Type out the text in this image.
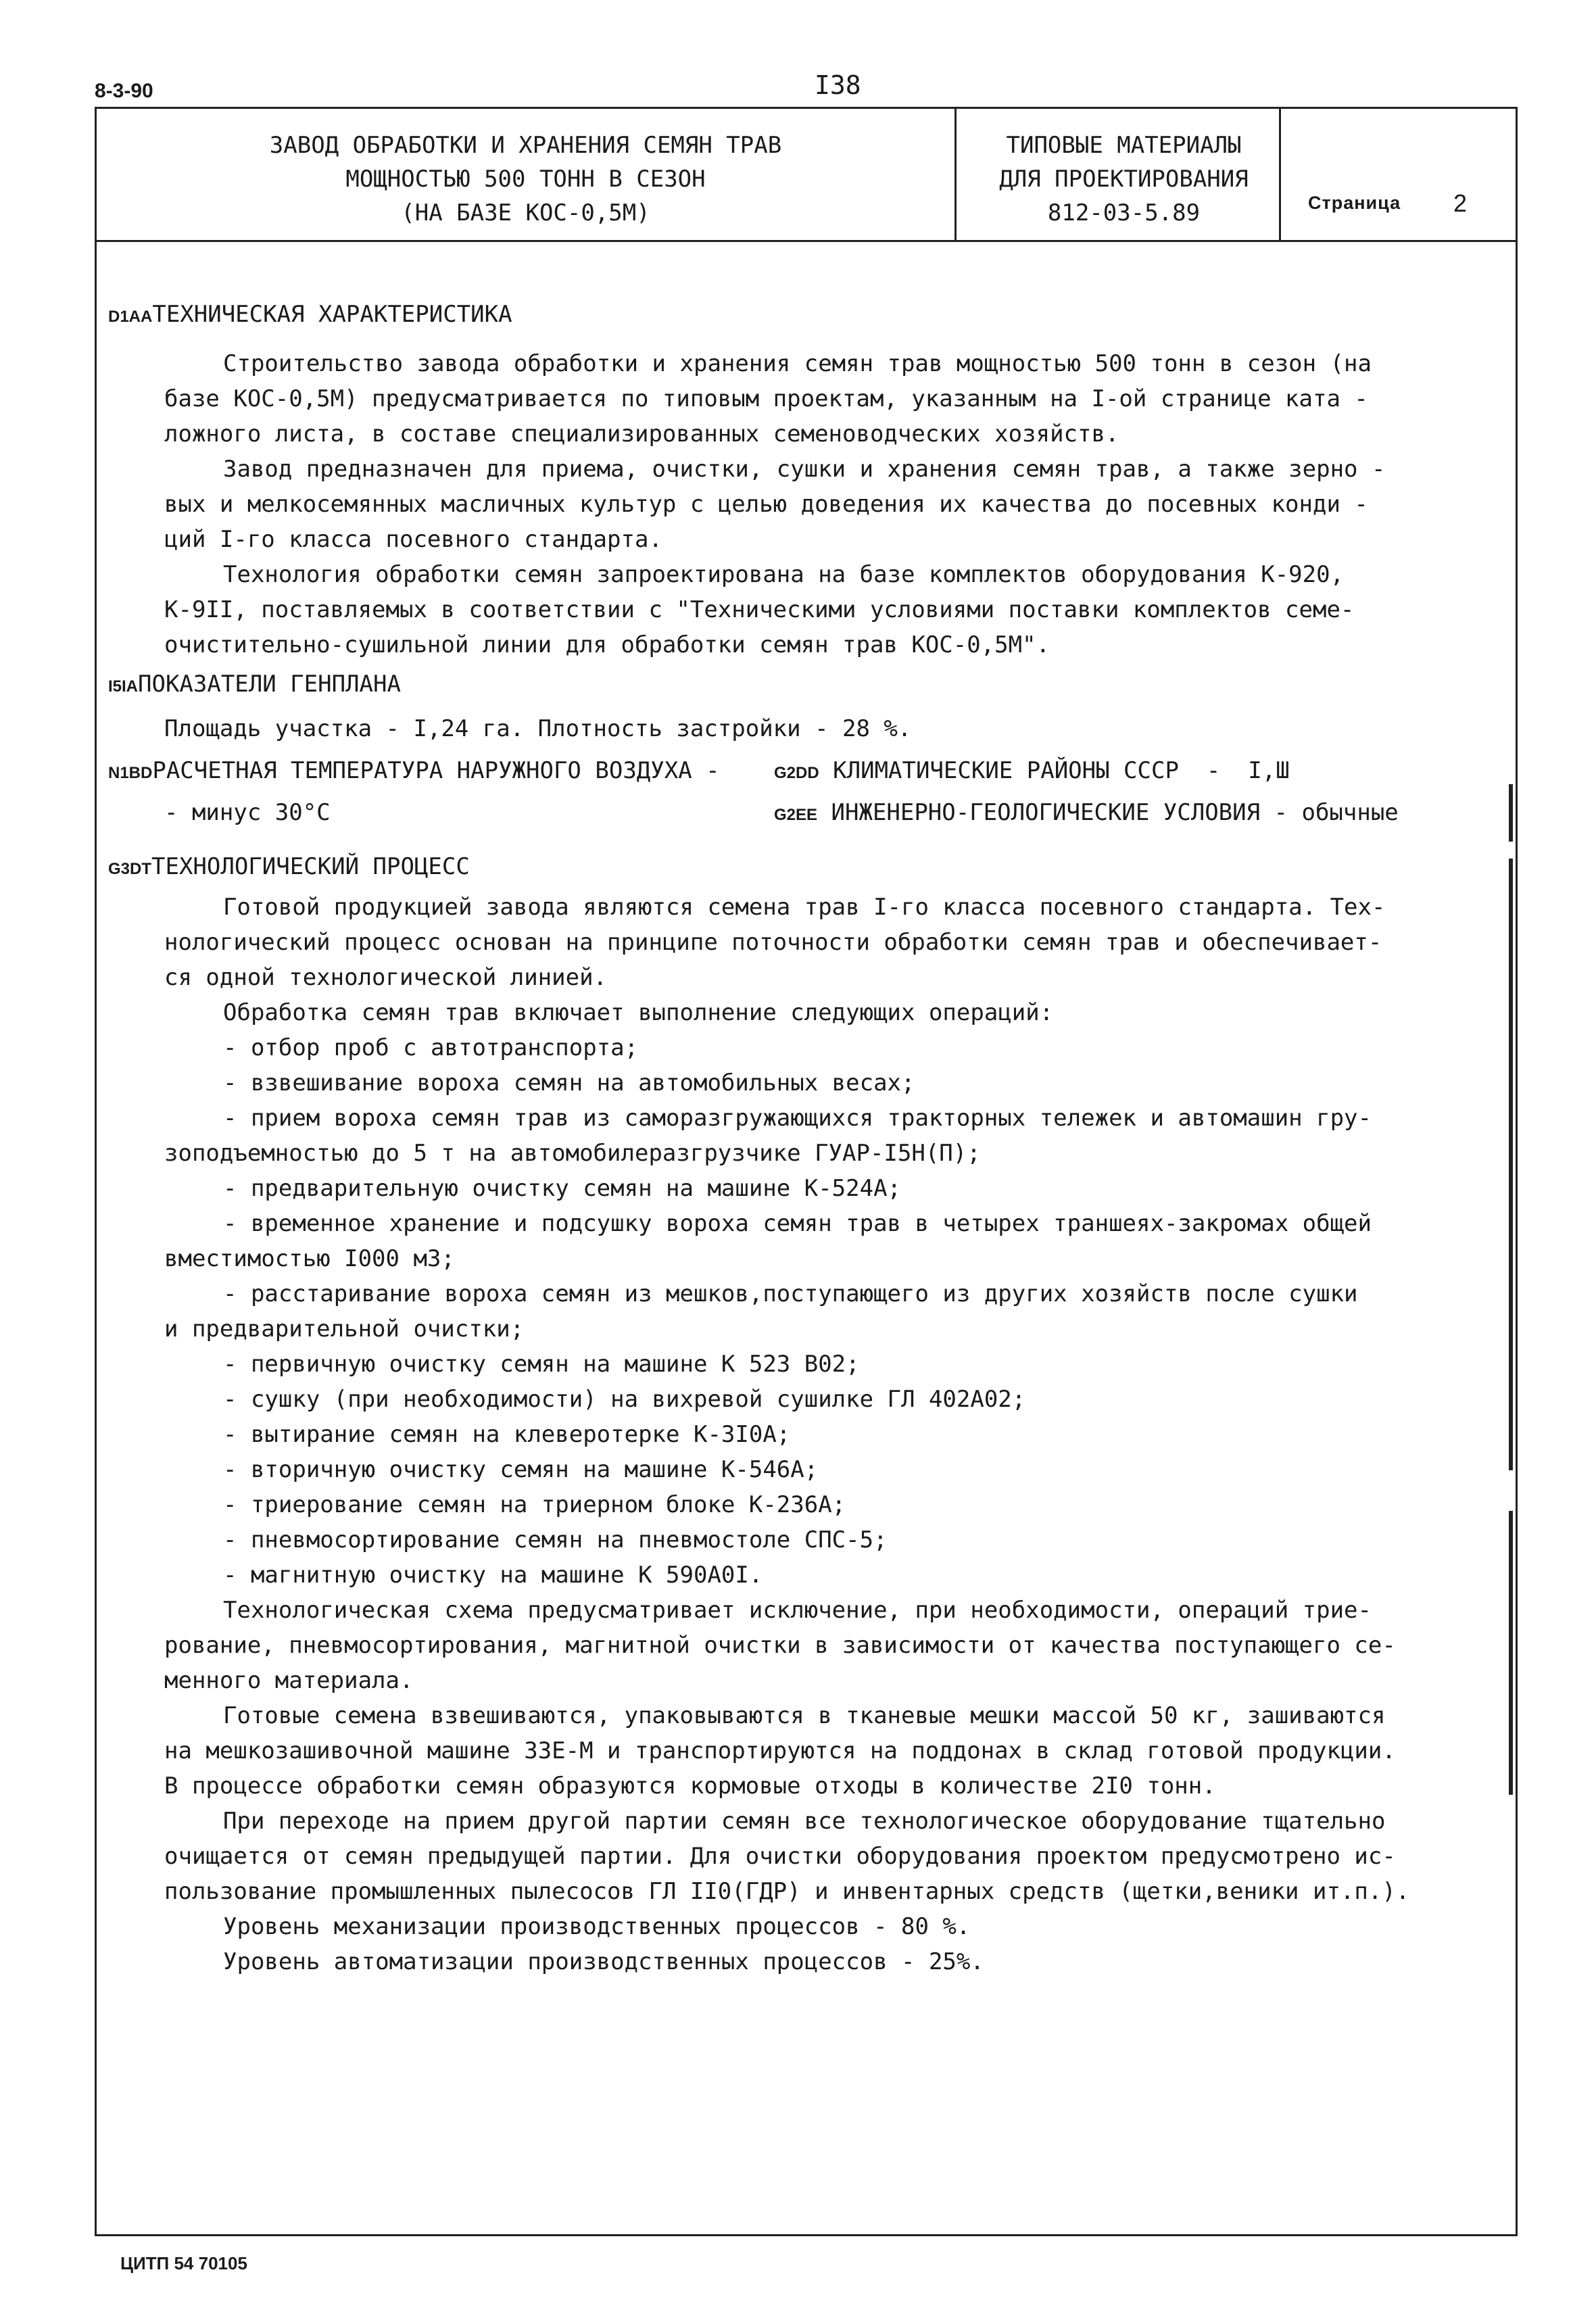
8-3-90	I38
ЗАВОД ОБРАБОТКИ И ХРАНЕНИЯ СЕМЯН ТРАВ
МОЩНОСТЬЮ 500 ТОНН В СЕЗОН
(НА БАЗЕ КОС-0,5М)
ТИПОВЫЕ МАТЕРИАЛЫ
ДЛЯ ПРОЕКТИРОВАНИЯ
812-03-5.89	Страница 2
D1AAТЕХНИЧЕСКАЯ ХАРАКТЕРИСТИКА
Строительство завода обработки и хранения семян трав мощностью 500 тонн в сезон (на
базе КОС-0,5М) предусматривается по типовым проектам, указанным на I-ой странице ката -
ложного листа, в составе специализированных семеноводческих хозяйств.
Завод предназначен для приема, очистки, сушки и хранения семян трав, а также зерно -
вых и мелкосемянных масличных культур с целью доведения их качества до посевных конди -
ций I-го класса посевного стандарта.
Технология обработки семян запроектирована на базе комплектов оборудования К-920,
К-9II, поставляемых в соответствии с "Техническими условиями поставки комплектов семе-
очистительно-сушильной линии для обработки семян трав КОС-0,5М".
I5IAПОКАЗАТЕЛИ ГЕНПЛАНА
Площадь участка - I,24 га. Плотность застройки - 28 %.
N1BDРАСЧЕТНАЯ ТЕМПЕРАТУРА НАРУЖНОГО ВОЗДУХА -	G2DD КЛИМАТИЧЕСКИЕ РАЙОНЫ СССР  -  I,Ш
- минус 30°С	G2EE ИНЖЕНЕРНО-ГЕОЛОГИЧЕСКИЕ УСЛОВИЯ - обычные
G3DTТЕХНОЛОГИЧЕСКИЙ ПРОЦЕСС
Готовой продукцией завода являются семена трав I-го класса посевного стандарта. Тех-
нологический процесс основан на принципе поточности обработки семян трав и обеспечивает-
ся одной технологической линией.
Обработка семян трав включает выполнение следующих операций:
- отбор проб с автотранспорта;
- взвешивание вороха семян на автомобильных весах;
- прием вороха семян трав из саморазгружающихся тракторных тележек и автомашин гру-
зоподъемностью до 5 т на автомобилеразгрузчике ГУАР-I5Н(П);
- предварительную очистку семян на машине К-524А;
- временное хранение и подсушку вороха семян трав в четырех траншеях-закромах общей
вместимостью I000 м3;
- расстаривание вороха семян из мешков,поступающего из других хозяйств после сушки
и предварительной очистки;
- первичную очистку семян на машине К 523 В02;
- сушку (при необходимости) на вихревой сушилке ГЛ 402А02;
- вытирание семян на клеверотерке К-3I0А;
- вторичную очистку семян на машине К-546А;
- триерование семян на триерном блоке К-236А;
- пневмосортирование семян на пневмостоле СПС-5;
- магнитную очистку на машине К 590А0I.
Технологическая схема предусматривает исключение, при необходимости, операций трие-
рование, пневмосортирования, магнитной очистки в зависимости от качества поступающего се-
менного материала.
Готовые семена взвешиваются, упаковываются в тканевые мешки массой 50 кг, зашиваются
на мешкозашивочной машине ЗЗЕ-М и транспортируются на поддонах в склад готовой продукции.
В процессе обработки семян образуются кормовые отходы в количестве 2I0 тонн.
При переходе на прием другой партии семян все технологическое оборудование тщательно
очищается от семян предыдущей партии. Для очистки оборудования проектом предусмотрено ис-
пользование промышленных пылесосов ГЛ II0(ГДР) и инвентарных средств (щетки,веники ит.п.).
Уровень механизации производственных процессов - 80 %.
Уровень автоматизации производственных процессов - 25%.
ЦИТП 54 70105
